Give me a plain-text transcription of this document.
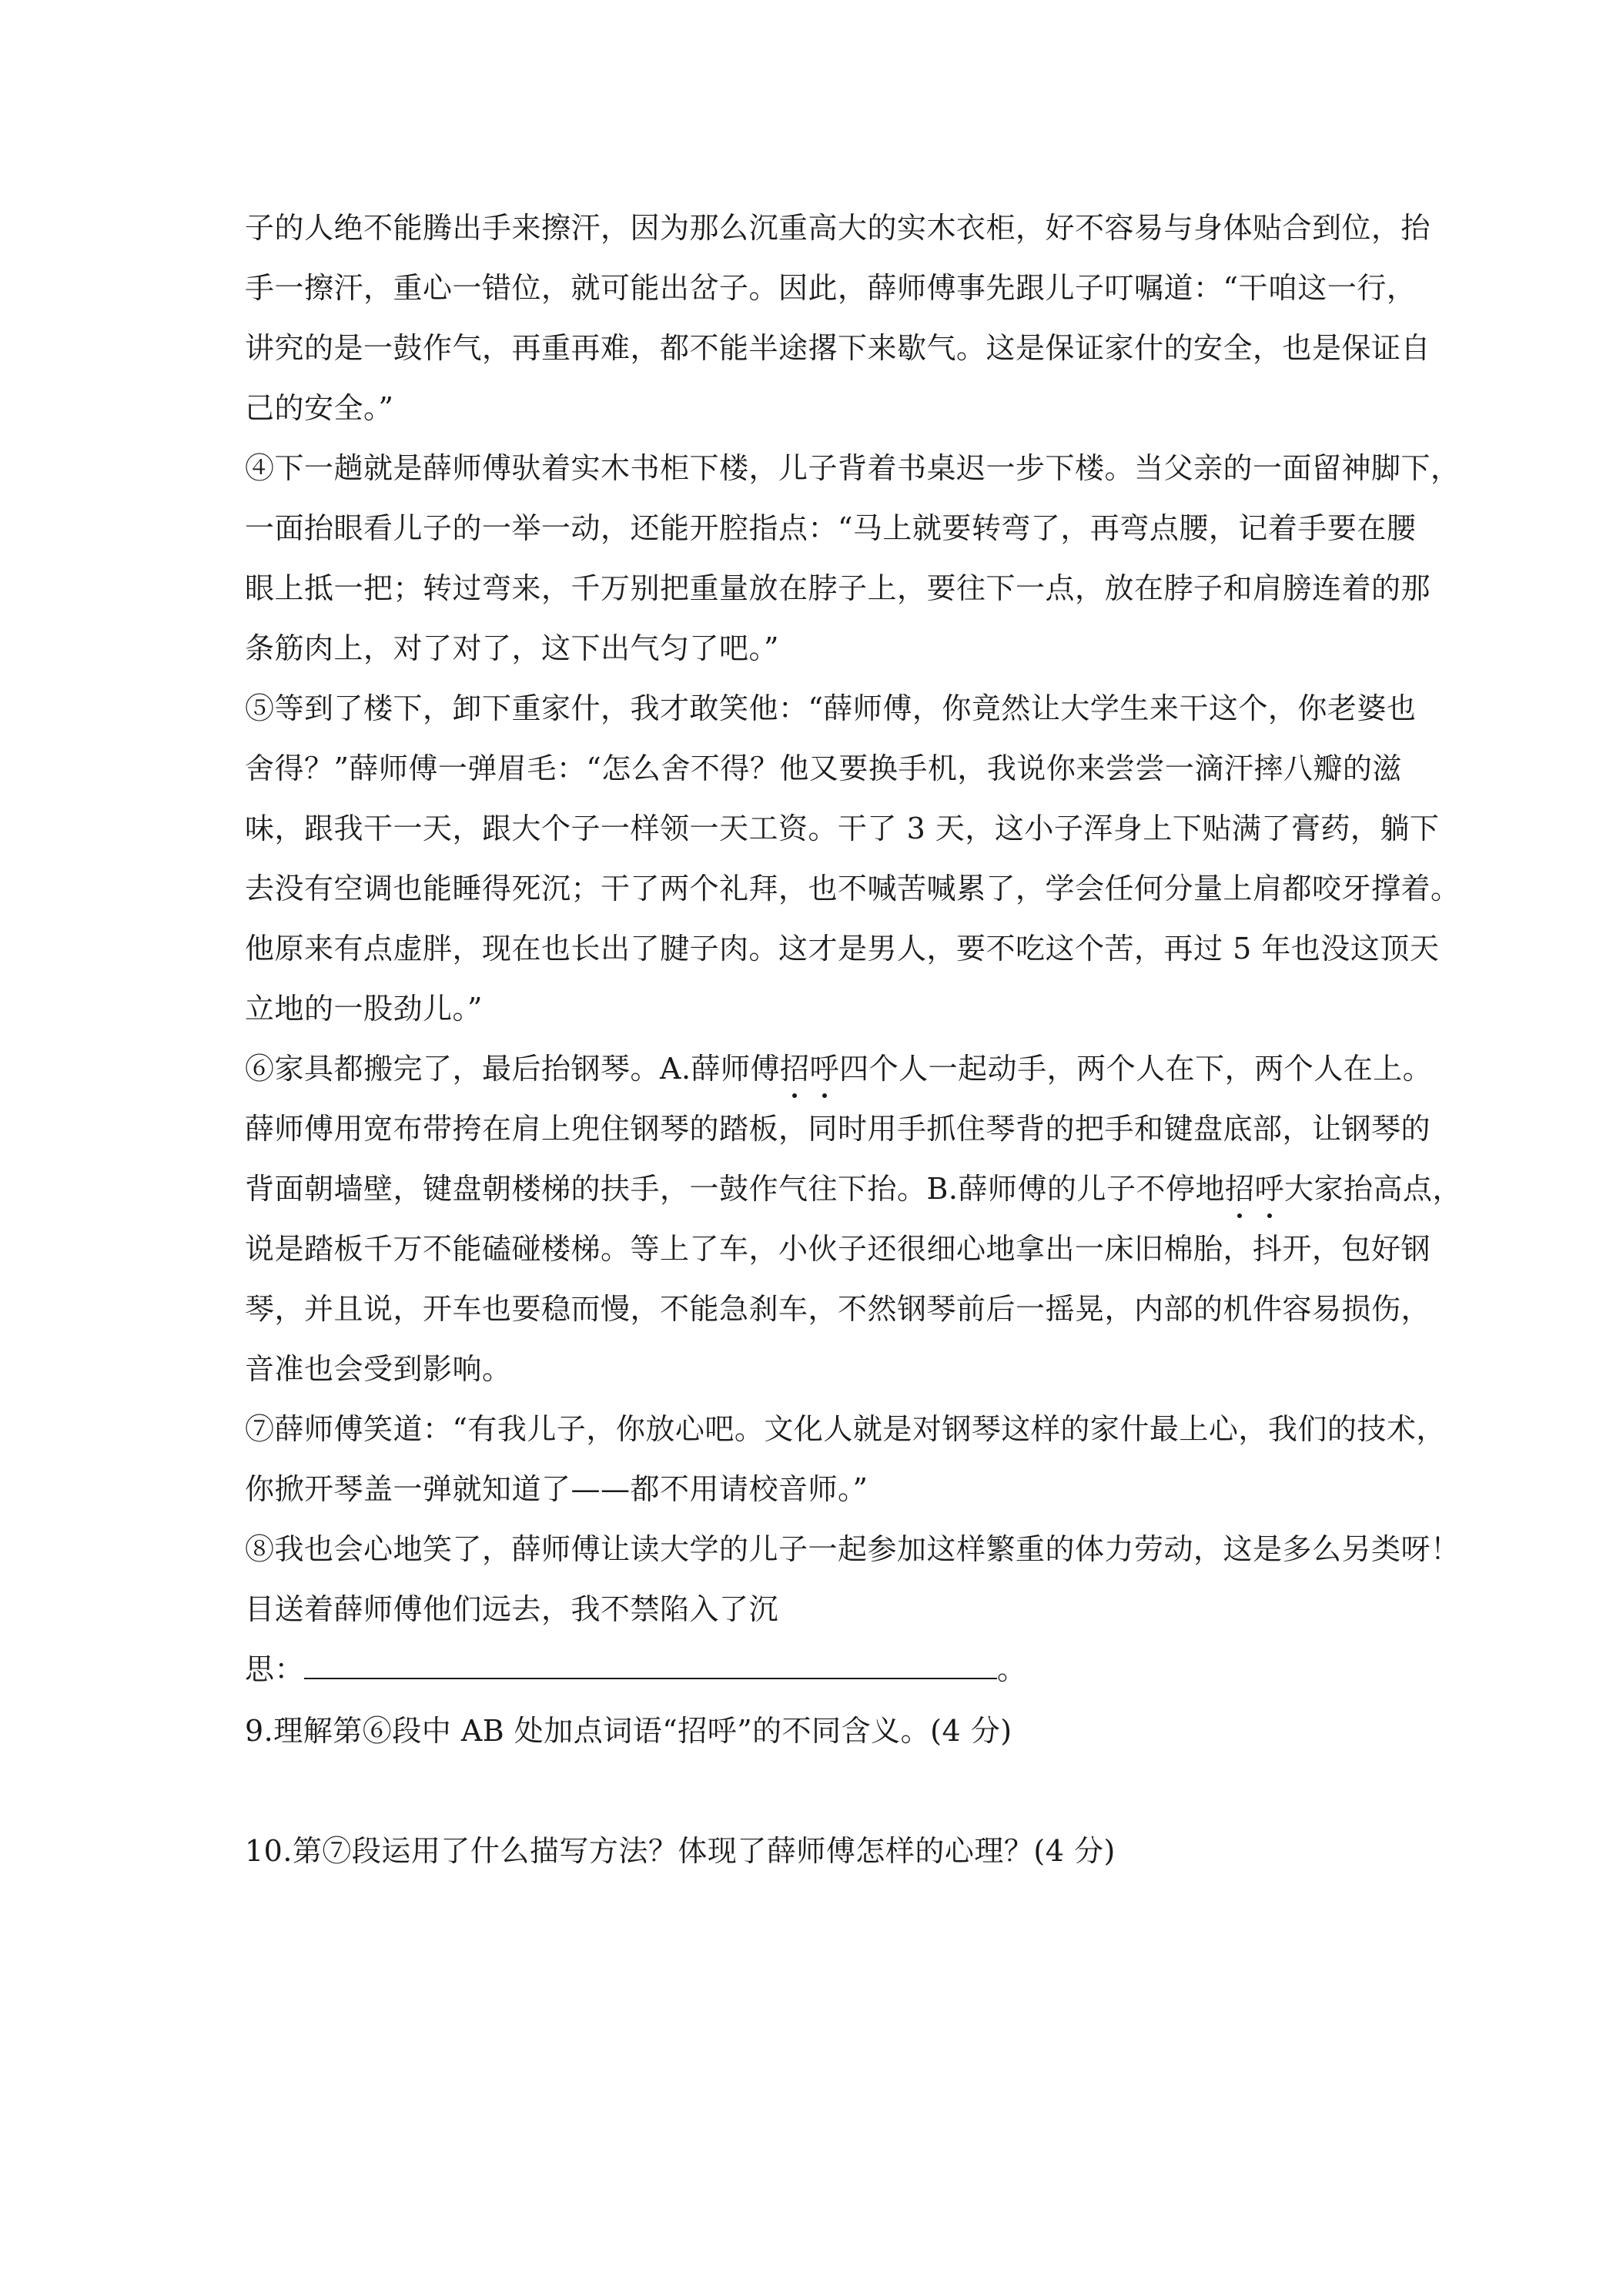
子的人绝不能腾出手来擦汗，因为那么沉重高大的实木衣柜，好不容易与身体贴合到位，抬
手一擦汗，重心一错位，就可能出岔子。因此，薛师傅事先跟儿子叮嘱道：“干咱这一行，
讲究的是一鼓作气，再重再难，都不能半途撂下来歇气。这是保证家什的安全，也是保证自
己的安全。”
④下一趟就是薛师傅驮着实木书柜下楼，儿子背着书桌迟一步下楼。当父亲的一面留神脚下，
一面抬眼看儿子的一举一动，还能开腔指点：“马上就要转弯了，再弯点腰，记着手要在腰
眼上抵一把；转过弯来，千万别把重量放在脖子上，要往下一点，放在脖子和肩膀连着的那
条筋肉上，对了对了，这下出气匀了吧。”
⑤等到了楼下，卸下重家什，我才敢笑他：“薛师傅，你竟然让大学生来干这个，你老婆也
舍得？”薛师傅一弹眉毛：“怎么舍不得？他又要换手机，我说你来尝尝一滴汗摔八瓣的滋
味，跟我干一天，跟大个子一样领一天工资。干了 3 天，这小子浑身上下贴满了膏药，躺下
去没有空调也能睡得死沉；干了两个礼拜，也不喊苦喊累了，学会任何分量上肩都咬牙撑着。
他原来有点虚胖，现在也长出了腱子肉。这才是男人，要不吃这个苦，再过 5 年也没这顶天
立地的一股劲儿。”
⑥家具都搬完了，最后抬钢琴。A.薛师傅招呼四个人一起动手，两个人在下，两个人在上。
薛师傅用宽布带挎在肩上兜住钢琴的踏板，同时用手抓住琴背的把手和键盘底部，让钢琴的
背面朝墙壁，键盘朝楼梯的扶手，一鼓作气往下抬。B.薛师傅的儿子不停地招呼大家抬高点，
说是踏板千万不能磕碰楼梯。等上了车，小伙子还很细心地拿出一床旧棉胎，抖开，包好钢
琴，并且说，开车也要稳而慢，不能急刹车，不然钢琴前后一摇晃，内部的机件容易损伤，
音准也会受到影响。
⑦薛师傅笑道：“有我儿子，你放心吧。文化人就是对钢琴这样的家什最上心，我们的技术，
你掀开琴盖一弹就知道了——都不用请校音师。”
⑧我也会心地笑了，薛师傅让读大学的儿子一起参加这样繁重的体力劳动，这是多么另类呀！
目送着薛师傅他们远去，我不禁陷入了沉
思：	。
9.理解第⑥段中 AB 处加点词语“招呼”的不同含义。(4 分)
10.第⑦段运用了什么描写方法？体现了薛师傅怎样的心理？(4 分)
